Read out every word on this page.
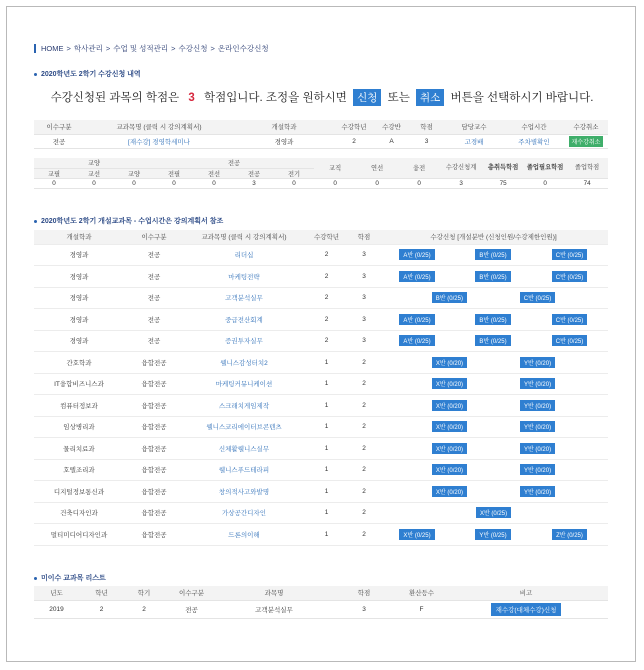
HOME > 학사관리 > 수업 및 성적관리 > 수강신청 > 온라인수강신청
2020학년도 2학기 수강신청 내역
수강신청된 과목의 학점은 3 학점입니다. 조정을 원하시면 신청 또는 취소 버튼을 선택하시기 바랍니다.
이수구분	교과목명 (클릭 시 강의계획서)	개설학과	수강학년	수강반	학점	담당교수	수업시간	수강취소
전공	[재수강] 경영학세미나	경영과	2	A	3	고경배	주차별확인	재수강취소
교양			전공				교직	연선	융전	수강신청계	총취득학점	졸업필요학점	졸업학점
교필	교선	교양	전필	전선	전공	전기							
0	0	0	0	0	3	0	0	0	0	3	75	0	74
2020학년도 2학기 개설교과목 - 수업시간은 강의계획서 참조
개설학과	이수구분	교과목명 (클릭 시 강의계획서)	수강학년	학점	수강신청 [개설분반 (신청인원/수강제한인원)]		
경영과	전공	리더십	2	3	A반 (0/25)	B반 (0/25)	C반 (0/25)
경영과	전공	마케팅전략	2	3	A반 (0/25)	B반 (0/25)	C반 (0/25)
경영과	전공	고객분석실무	2	3	B반 (0/25) C반 (0/25)		

경영과	전공	중급전산회계	2	3	A반 (0/25)	B반 (0/25)	C반 (0/25)
경영과	전공	증권투자실무	2	3	A반 (0/25)	B반 (0/25)	C반 (0/25)
간호학과	융합전공	웰니스감성터치2	1	2	X반 (0/20) Y반 (0/20)		

IT융합비즈니스과	융합전공	마케팅커뮤니케이션	1	2	X반 (0/20) Y반 (0/20)		

컴퓨터정보과	융합전공	스크래치게임제작	1	2	X반 (0/20) Y반 (0/20)		

임상병리과	융합전공	웰니스코리에이터브콘텐츠	1	2	X반 (0/20) Y반 (0/20)		

물리치료과	융합전공	신체활웰니스실무	1	2	X반 (0/20) Y반 (0/20)		

호텔조리과	융합전공	웰니스푸드테라피	1	2	X반 (0/20) Y반 (0/20)		

디지털정보통신과	융합전공	창의적사고와발명	1	2	X반 (0/20) Y반 (0/20)		

건축디자인과	융합전공	가상공간디자인	1	2	X반 (0/25)		

멀티미디어디자인과	융합전공	드론의이해	1	2	X반 (0/25)	Y반 (0/25)	Z반 (0/25)
미이수 교과목 리스트
년도	학년	학기	이수구분	과목명	학점	환산등수	비고
2019	2	2	전공	고객분석실무	3	F	재수강(대체수강)신청
